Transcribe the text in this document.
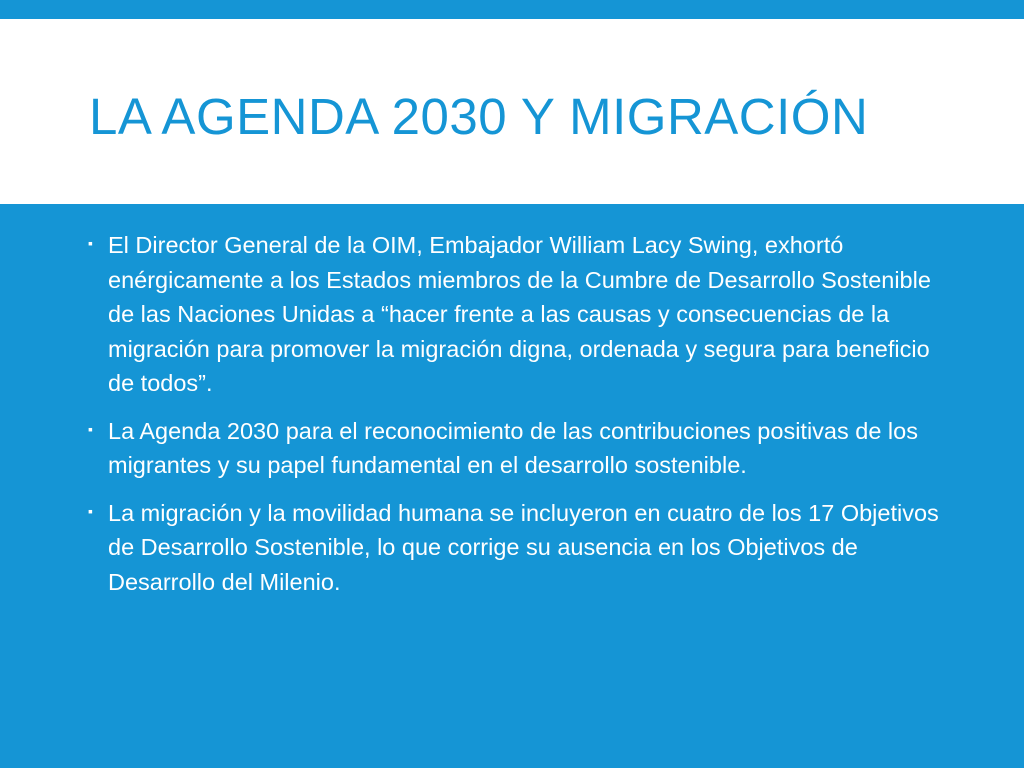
LA AGENDA 2030 Y MIGRACIÓN
▪ El Director General de la OIM, Embajador William Lacy Swing, exhortó enérgicamente a los Estados miembros de la Cumbre de Desarrollo Sostenible de las Naciones Unidas a “hacer frente a las causas y consecuencias de la migración para promover la migración digna, ordenada y segura para beneficio de todos”.
▪ La Agenda 2030 para el reconocimiento de las contribuciones positivas de los migrantes y su papel fundamental en el desarrollo sostenible.
▪ La migración y la movilidad humana se incluyeron en cuatro de los 17 Objetivos de Desarrollo Sostenible, lo que corrige su ausencia en los Objetivos de Desarrollo del Milenio.
